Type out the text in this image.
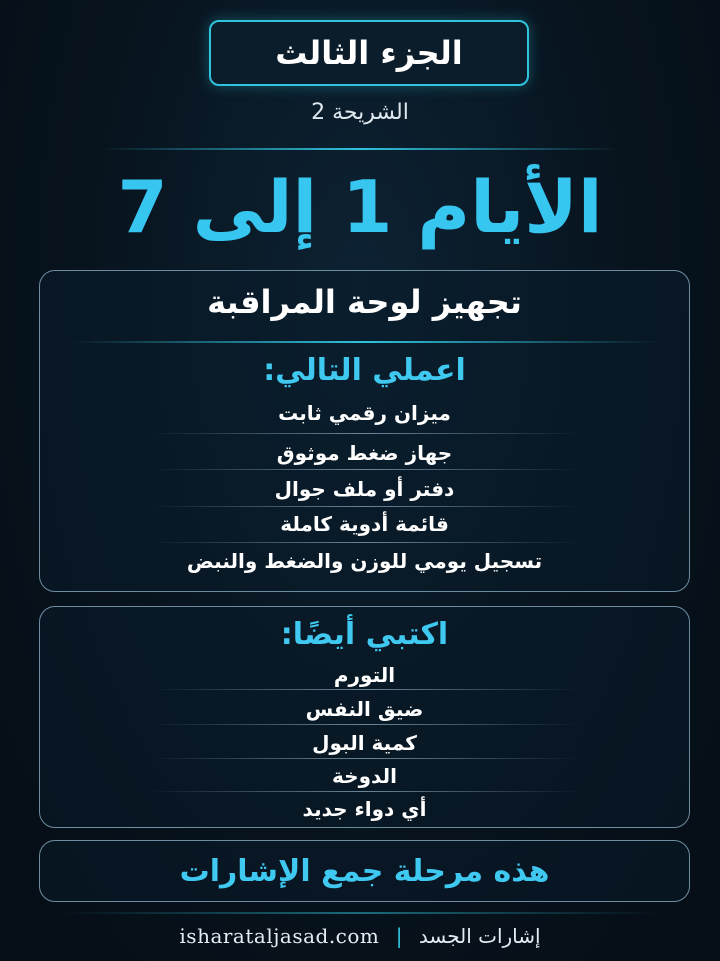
الجزء الثالث
الشريحة 2
الأيام 1 إلى 7
تجهيز لوحة المراقبة
اعملي التالي:
ميزان رقمي ثابت
جهاز ضغط موثوق
دفتر أو ملف جوال
قائمة أدوية كاملة
تسجيل يومي للوزن والضغط والنبض
اكتبي أيضًا:
التورم
ضيق النفس
كمية البول
الدوخة
أي دواء جديد
هذه مرحلة جمع الإشارات
isharataljasad.com | إشارات الجسد
